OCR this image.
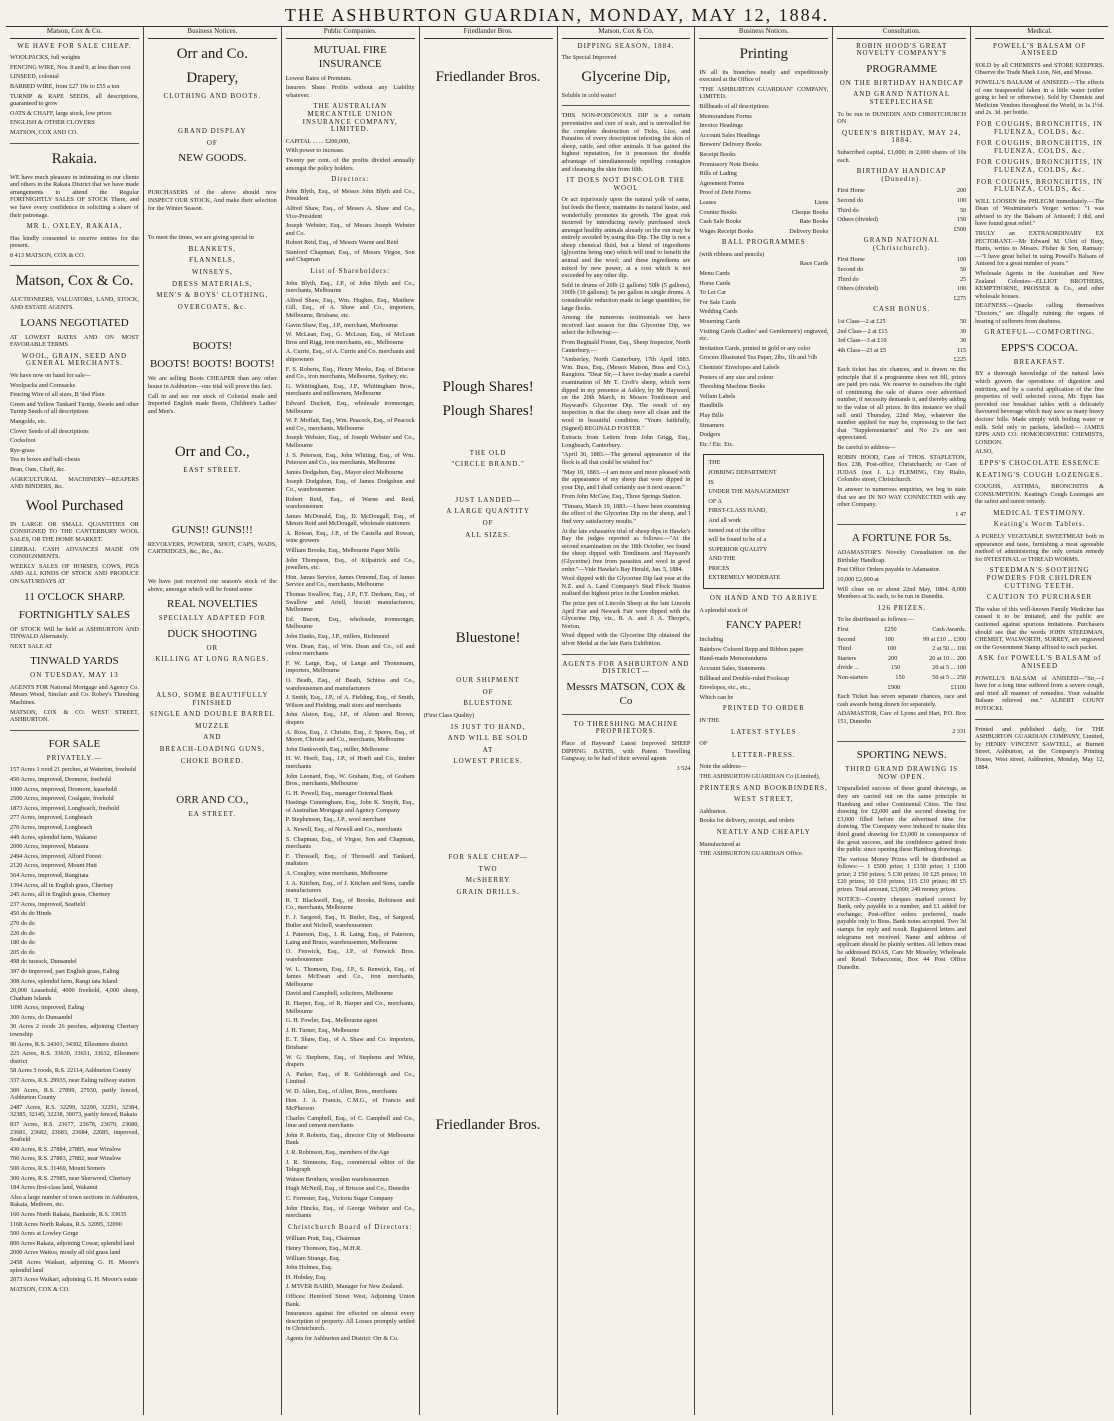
THE ASHBURTON GUARDIAN, MONDAY, MAY 12, 1884.
Matson, Cox & Co.
WE HAVE FOR SALE CHEAP.
WOOLPACKS, full weights
FENCING WIRE, Nos. 8 and 9, at less than cost
LINSEED, colonial
BARBED WIRE, from £27 10s to £55 a ton
TURNIP & RAPE SEEDS, all descriptions, guaranteed to grow
OATS & CHAFF, large stock, low prices
ENGLISH & OTHER CLOVERS
MATSON, COX AND CO.
Rakaia.
WE have much pleasure in intimating to our clients and others in the Rakaia District that we have made arrangements to attend the Regular FORTNIGHTLY SALES OF STOCK There, and we have every confidence in soliciting a share of their patronage.
MR L. OXLEY, RAKAIA,
Has kindly consented to receive entries for the present.
8 413 MATSON, COX & CO.
Matson, Cox & Co.
AUCTIONEERS, VALUATORS, LAND, STOCK, AND ESTATE AGENTS.
LOANS NEGOTIATED
AT LOWEST RATES AND ON MOST FAVORABLE TERMS
WOOL, GRAIN, SEED AND GENERAL MERCHANTS.
We have now on hand for sale—
Woolpacks and Cornsacks
Fencing Wire of all sizes, B 'ded Plain
Green and Yellow Tankard Turnip, Swede and other Turnip Seeds of all descriptions
Mangolds, etc.
Clover Seeds of all descriptions
Cocksfoot
Rye-grass
Tea in boxes and half-chests
Bran, Oats, Chaff, &c.
AGRICULTURAL MACHINERY—REAPERS AND BINDERS, &c.
Wool Purchased
IN LARGE OR SMALL QUANTITIES OR CONSIGNED TO THE CANTERBURY WOOL SALES, OR THE HOME MARKET.
LIBERAL CASH ADVANCES MADE ON CONSIGNMENTS.
WEEKLY SALES OF HORSES, COWS, PIGS AND ALL KINDS OF STOCK AND PRODUCE ON SATURDAYS AT
11 O'CLOCK SHARP.
FORTNIGHTLY SALES
OF STOCK Will be held at ASHBURTON AND TINWALD Alternately.
NEXT SALE AT
TINWALD YARDS
ON TUESDAY, MAY 13
AGENTS FOR National Mortgage and Agency Co. Messrs Wood, Sinclair and Co. Robey's Threshing Machines.
MATSON, COX & CO. WEST STREET, ASHBURTON.
FOR SALE
PRIVATELY.—
157 Acres 1 rood 21 perches, at Waterton, freehold
450 Acres, improved, Dromore, freehold
1000 Acres, improved, Dromore, leasehold
2500 Acres, improved, Coalgate, freehold
1873 Acres, improved, Longbeach, freehold
277 Acres, improved, Longbeach
270 Acres, improved, Longbeach
449 Acres, splendid farm, Wakanui
2000 Acres, improved, Mataura
2494 Acres, improved, Alford Forest
2120 Acres, improved, Mount Hutt
564 Acres, improved, Rangitata
1394 Acres, all in English grass, Chertsey
245 Acres, all in English grass, Chertsey
237 Acres, improved, Seafield
450 do do Hinds
270 do do
220 do do
180 do do
205 do do
498 do tussock, Dunsandel
397 do improved, part English grass, Ealing
308 Acres, splendid farm, Rangi tata Island
20,000 Leasehold, 4000 freehold, 4,000 sheep, Chatham Islands
1090 Acres, improved, Ealing
300 Acres, do Dunsandel
30 Acres 2 roods 26 perches, adjoining Chertsey township
90 Acres, R.S. 24301, 34302, Ellesmere district
225 Acres, R.S. 33630, 33631, 33632, Ellesmere district
58 Acres 3 roods, R.S. 22114, Ashburton County
337 Acres, R.S. 29935, near Ealing railway station
300 Acres, R.S. 27899, 27930, partly fenced, Ashburton County
2487 Acres, R.S. 32299, 32290, 32291, 32384, 32385, 32145, 32238, 30073, partly fenced, Rakaia
837 Acres, R.S. 23677, 23678, 23679, 23680, 23681, 23682, 23683, 23684, 22685, improved, Seafield
430 Acres, R.S. 27884, 27885, near Winslow
700 Acres, R.S. 27883, 27882, near Winslow
500 Acres, R.S. 31469, Mount Somers
300 Acres, R.S. 27985, near Sherwood, Chertsey
184 Acres first-class land, Wakanui
Also a large number of town sections in Ashburton, Rakaia, Methven, etc.
160 Acres North Rakaia, Bankside, R.S. 33035
1168 Acres North Rakaia, R.S. 32095, 32090
500 Acres at Lowley Gorge
800 Acres Rakaia, adjoining Cowar, splendid land
2000 Acres Waitoa, mostly all old grass land
2458 Acres Waikari, adjoining G. H. Moore's splendid land
2073 Acres Waikari, adjoining G. H. Moore's estate
MATSON, COX & CO.
Business Notices.
Orr and Co.
Drapery,
CLOTHING AND BOOTS.
GRAND DISPLAY
OF
NEW GOODS.
PURCHASERS of the above should now INSPECT OUR STOCK, And make their selection for the Winter Season.
To meet the times, we are giving special in
BLANKETS,
FLANNELS,
WINSEYS,
DRESS MATERIALS,
MEN'S & BOYS' CLOTHING,
OVERCOATS, &c.
BOOTS!
BOOTS! BOOTS! BOOTS!
We are selling Boots CHEAPER than any other house in Ashburton—one trial will prove this fact.
Call in and see our stock of Colonial made and Imported English made Boots, Children's Ladies' and Men's.
Orr and Co.,
EAST STREET.
GUNS!! GUNS!!!
REVOLVERS, POWDER, SHOT, CAPS, WADS, CARTRIDGES, &c., &c., &c.
We have just received our season's stock of the above, amongst which will be found some
REAL NOVELTIES
SPECIALLY ADAPTED FOR
DUCK SHOOTING
OR
KILLING AT LONG RANGES.
ALSO, SOME BEAUTIFULLY FINISHED
SINGLE AND DOUBLE BARREL
MUZZLE
AND
BREACH-LOADING GUNS,
CHOKE BORED.
ORR AND CO.,
EA STREET.
Public Companies.
MUTUAL FIRE INSURANCE
Lowest Rates of Premium.
Insurers Share Profits without any Liability whatever.
THE AUSTRALIAN MERCANTILE UNION INSURANCE COMPANY, LIMITED.
CAPITAL ... ... £200,000,
With power to increase.
Twenty per cent. of the profits divided annually amongst the policy holders.
Directors:
John Blyth, Esq., of Messrs John Blyth and Co., President
Alfred Shaw, Esq., of Messrs A. Shaw and Co., Vice-President
Joseph Webster, Esq., of Messrs Joseph Webster and Co.
Robert Reid, Esq., of Messrs Warne and Reid
Stanford Chapman, Esq., of Messrs Virgoe, Son and Chapman
List of Shareholders:
John Blyth, Esq., J.P., of John Blyth and Co., merchants, Melbourne
Alfred Shaw, Esq., Wm. Hughes, Esq., Matthew Gill, Esq., of A. Shaw and Co., importers, Melbourne, Brisbane, etc.
Gavin Shaw, Esq., J.P., merchant, Merbourne
W. McLean, Esq., G. McLean, Esq., of McLean Bros and Rigg, iron merchants, etc., Melbourne
A. Currie, Esq., of A. Currie and Co. merchants and shipowners
F. S. Roberts, Esq., Henry Meeks, Esq. of Briscoe and Co., iron merchants, Melbourne, Sydney, etc.
G. Whittingham, Esq., J.P., Whittingham Bros., merchants and millowners, Melbourne
Edward Duckett, Esq., wholesale ironmonger, Melbourne
W. F. Moffatt, Esq., Wm. Peacock, Esq., of Peacock and Co., merchants, Melbourne
Joseph Webster, Esq., of Joseph Webster and Co., Melbourne
J. S. Peterson, Esq., John Whiting, Esq., of Wm. Peterson and Co., tea merchants, Melbourne
James Dodgshun, Esq., Mayor elect Melbourne
Joseph Dodgshun, Esq., of James Dodgshun and Co., warehousemen
Robert Reid, Esq., of Warne and Reid, warehousemen
James McDonald, Esq., D. McDougall, Esq., of Messrs Reid and McDougall, wholesale stationers
A. Rowan, Esq., J.P., of De Castella and Rowan, wine growers
William Brooks, Esq., Melbourne Paper Mills
John Thompson, Esq., of Kilpatrick and Co., jewellers, etc.
Hon. James Service, James Ormond, Esq. of James Service and Co., merchants, Melbourne
Thomas Swallow, Esq., J.P., F.T. Derham, Esq., of Swallow and Ariell, biscuit manufacturers, Melbourne
Ed. Bacon, Esq., wholesale, ironmonger, Melbourne
John Danks, Esq., J.P., millers, Richmond
Wm. Dean, Esq., of Wm. Dean and Co., oil and colour merchants
F. W. Large, Esq., of Lange and Thonemann, importers, Melbourne
O. Beath, Esq., of Beath, Schiess and Co., warehousemen and manufacturers
J. Smith, Esq., J.P., of A. Fielding, Esq., of Smith, Wilson and Fielding, malt store and merchants
John Alston, Esq., J.P., of Alston and Brown, drapers
A. Ross, Esq., J. Christie, Esq., J. Speers, Esq., of Moore, Christie and Co., merchants, Melbourne
John Dankworth, Esq., miller, Melbourne
H. W. Hoeft, Esq., J.P., of Hoeft and Co., timber merchants
John Leonard, Esq., W. Graham, Esq., of Graham Bros., merchants, Melbourne
G. H. Powell, Esq., manager Oriental Bank
Hastings Cunningham, Esq., John K. Smyth, Esq., of Australian Mortgage and Agency Company
P. Stephenson, Esq., J.P., wool merchant
A. Newell, Esq., of Newell and Co., merchants
S. Chapman, Esq., of Virgoe, Son and Chapman, merchants
F. Throssell, Esq., of Throssell and Tankard, maltsters
A. Coughey, wine merchants, Melbourne
J. A. Kitchen, Esq., of J. Kitchen and Sons, candle manufacturers
R. T. Blackwell, Esq., of Brooks, Robinson and Co., merchants, Melbourne
F. J. Sargood, Esq., H. Butler, Esq., of Sargood, Butler and Nicholl, warehousemen
J. Paterson, Esq., J. R. Laing, Esq., of Paterson, Laing and Bruce, warehousemen, Melbourne
O. Fenwick, Esq., J.P., of Fenwick Bros. warehousemen
W. L. Thomson, Esq., J.P., S. Renwick, Esq., of James McEwan and Co., iron merchants, Melbourne
David and Campbell, solicitors, Melbourne
R. Harper, Esq., of R. Harper and Co., merchants, Melbourne
G. H. Fowler, Esq., Melbourne agent
J. H. Turner, Esq., Melbourne
E. T. Shaw, Esq., of A. Shaw and Co. importers, Brisbane
W. G. Stephens, Esq., of Stephens and White, drapers
A. Parker, Esq., of R. Goldsbrough and Co., Limited
W. D. Allen, Esq., of Allen, Bros., merchants
Hon. J. A. Francis, C.M.G., of Francis and McPherson
Charles Campbell, Esq., of C. Campbell and Co., lime and cement merchants
John P. Roberts, Esq., director City of Melbourne Bank
J. R. Robinson, Esq., members of the Age
J. R. Simmons, Esq., commercial editor of the Telegraph
Watson Brothers, woollen warehousemen
Hugh McNeill, Esq., of Briscoe and Co., Dunedin
C. Forrester, Esq., Victoria Sugar Company
John Hincks, Esq., of George Webster and Co., merchants
Christchurch Board of Directors:
William Pratt, Esq., Chairman
Henry Thomson, Esq., M.H.R.
William Strange, Esq.
John Holmes, Esq.
H. Hobday, Esq.
J. M'IVER BAIRD, Manager for New Zealand.
Offices: Hereford Street West, Adjoining Union Bank.
Insurances against fire effected on almost every description of property. All Losses promptly settled in Christchurch.
Agents for Ashburton and District: Orr & Co.
Friedlander Bros.
Friedlander Bros.
Plough Shares!
Plough Shares!
THE OLD
"CIRCLE BRAND."
JUST LANDED—
A LARGE QUANTITY
OF
ALL SIZES.
Bluestone!
OUR SHIPMENT
OF
BLUESTONE
(First Class Quality)
IS JUST TO HAND,
AND WILL BE SOLD
AT
LOWEST PRICES.
FOR SALE CHEAP—
TWO
McSHERRY
GRAIN DRILLS.
Friedlander Bros.
Matson, Cox & Co.
DIPPING SEASON, 1884.
The Special Improved
Glycerine Dip,
Soluble in cold water!
THIS NON-POISONOUS DIP is a certain preventative and cure of scab, and is unrivalled for the complete destruction of Ticks, Lice, and Parasites of every description infesting the skin of sheep, cattle, and other animals. It has gained the highest reputation, for it possesses the double advantage of simultaneously repelling contagion and cleansing the skin from filth.
IT DOES NOT DISCOLOR THE WOOL
Or act injuriously upon the natural yolk of same, but feeds the fleece, maintains its natural lustre, and wonderfully promotes its growth. The great risk incurred by introducing newly purchased stock amongst healthy animals already on the run may be entirely avoided by using this Dip. The Dip is not a sheep chemical fluid, but a blend of ingredients (glycerine being one) which will tend to benefit the animal and the wool; and these ingredients are mixed by new power, at a cost which is not exceeded by any other dip.
Sold in drums of 20lb (2 gallons) 50lb (5 gallons), 100lb (10 gallons); 5s per gallon in single drums. A considerable reduction made in large quantities, for large flocks.
Among the numerous testimonials we have received last season for this Glycerine Dip, we select the following:—
From Reginald Foster, Esq., Sheep Inspector, North Canterbury,—
"Amberley, North Canterbury, 17th April 1883. Wm. Buss, Esq., (Messrs Matson, Buss and Co.), Rangiora. "Dear Sir,—I have to-day made a careful examination of Mr T. Croft's sheep, which were dipped in my presence at Ashley, by Mr Hayward, on the 20th March, in Messrs Tomlinson and Hayward's Glycerine Dip. The result of my inspection is that the sheep were all clean and the wool in beautiful condition. "Yours faithfully, (Signed) REGINALD FOSTER."
Extracts from Letters from John Grigg, Esq., Longbeach, Canterbury.
"April 30, 1883.—The general appearance of the flock is all that could be wished for."
"May 10, 1883.—I am more and more pleased with the appearance of my sheep that were dipped in your Dip, and I shall certainly use it next season."
From John McCaw, Esq., Three Springs Station.
"Timaru, March 19, 1883.—I have been examining the effect of the Glycerine Dip on the sheep, and I find very satisfactory results."
At the late exhaustive trial of sheep dips in Hawke's Bay the judges reported as follows:—"At the second examination on the 18th October, we found the sheep dipped with Tomlinson and Hayward's (Glycerine) free from parasites and wool in good order."—Vide Hawke's Bay Herald, Jan. 5, 1884.
Wool dipped with the Glycerine Dip last year at the N.Z. and A. Land Company's Stud Flock Station realised the highest price in the London market.
The prize pen of Lincoln Sheep at the late Lincoln April Fair and Newark Fair were dipped with the Glycerine Dip, viz., R. A. and J. A. Thorpe's, Norton.
Wool dipped with the Glycerine Dip obtained the silver Medal at the late Paris Exhibition.
AGENTS FOR ASHBURTON AND DISTRICT—
Messrs MATSON, COX & Co
TO THRESHING MACHINE PROPRIETORS.
Place of Hayward' Latest Improved SHEEP DIPPING BATHS, with Patent Travelling Gangway, to be had of their several agents
3 524
Business Notices.
Printing
IN all its branches neatly and expeditiously executed at the Office of
"THE ASHBURTON GUARDIAN" COMPANY, LIMITED.
Billheads of all descriptions
Memorandum Forms
Invoice Headings
Account Sales Headings
Brewers' Delivery Books
Receipt Books
Promissory Note Books
Bills of Lading
Agreement Forms
Proof of Debt Forms
Leases	Liens
Counter Books	Cheque Books
Cash Sale Books	Rate Books
Wages Receipt Books	Delivery Books
BALL PROGRAMMES
(with ribbons and pencils)
Race Cards
Menu Cards
Horse Cards
To Let Car
For Sale Cards
Wedding Cards
Mourning Cards
Visiting Cards (Ladies' and Gentlemen's) engraved, etc.
Invitation Cards, printed in gold or any color
Grocers Illustrated Tea Paper, 2lbs, 1lb and ½lb
Chemists' Envelopes and Labels
Posters of any size and colour
Threshing Machine Books
Vellum Labels
Handbills
Play Bills
Streamers
Dodgers
Etc.! Etc. Etc.
THE
JOBBING DEPARTMENT
IS
UNDER THE MANAGEMENT
OF A
FIRST-CLASS HAND,
And all work
turned out of the office
will be found to be of a
SUPERIOR QUALITY
AND THE
PRICES
EXTREMELY MODERATE
ON HAND AND TO ARRIVE
A splendid stock of
FANCY PAPER!
Including
Rainbow Colored Repp and Ribbon paper
Hand-made Memorandums
Account Sales, Statements
Billhead and Double-ruled Foolscap
Envelopes, etc., etc.,
Which can be
PRINTED TO ORDER
IN THE
LATEST STYLES
OF
LETTER-PRESS.
Note the address—
THE ASHBURTON GUARDIAN Co (Limited),
PRINTERS AND BOOKBINDERS,
WEST STREET,
Ashburton.
Books for delivery, receipt, and orders
NEATLY AND CHEAPLY
Manufactured at
THE ASHBURTON GUARDIAN Office.
Consultation.
ROBIN HOOD'S GREAT NOVELTY COMPANY'S
PROGRAMME
ON THE BIRTHDAY HANDICAP
AND GRAND NATIONAL STEEPLECHASE
To be run in DUNEDIN AND CHRISTCHURCH ON
QUEEN'S BIRTHDAY, MAY 24, 1884.
Subscribed capital, £1,000; in 2,000 shares of 10s each.
BIRTHDAY HANDICAP (Dunedin).
First Horse	200
Second do	100
Third do	50
Others (divided)	150
£500
GRAND NATIONAL (Christchurch).
First Horse	100
Second do	50
Third do	25
Others (divided)	100
£275
CASH BONUS.
1st Class—2 at £25	50
2nd Class—2 at £15	30
3rd Class—3 at £10	30
4th Class—23 at £5	115
£225
Each ticket has six chances, and is drawn on the principle that if a programme does not fill, prizes are paid pro rata. We reserve to ourselves the right of continuing the sale of shares over advertised number, if necessity demands it, and thereby adding to the value of all prizes. In this instance we shall sell until Thursday, 22nd May, whatever the number applied for may be, expressing to the fact that "Supplementaries" and No 2's are not appreciated.
Be careful to address—
ROBIN HOOD, Care of THOS. STAPLETON, Box 238, Post-office, Christchurch; or Care of JUDAS (not J. L.) FLEMING, City Rialto, Colombo street, Christchurch.
In answer to numerous enquiries, we beg to state that we are IN NO WAY CONNECTED with any other Company.
1 47
A FORTUNE FOR 5s.
ADAMASTOR'S Novelty Consultation on the Birthday Handicap.
Post Office Orders payable to Adamastor.
10,000 £2,000 at
Will close on or about 22nd May, 1884. 8,000 Members at 5s. each, to be run in Dunedin.
126 PRIZES.
To be distributed as follows:—
First	£250	Cash Awards.
Second	100	99 at £10 ... £300
Third	100	2 at 50 ... 100
Starters	200	20 at 10 ... 200
divide ...	150	20 at 5 ... 100
Non-starters	150	50 at 5 ... 250
£900	£1100
Each Ticket has seven separate chances, race and cash awards being drawn for separately.
ADAMASTOR, Care of Lyons and Hart, P.O. Box 151, Dunedin
2 331
SPORTING NEWS.
THIRD GRAND DRAWING IS NOW OPEN.
Unparalleled success of these grand drawings, as they are carried out on the same principle in Hamburg and other Continental Cities. The first drawing for £2,000 and the second drawing for £3,000 filled before the advertised time for drawing. The Company were induced to make this third grand drawing for £3,000 in consequence of the great success, and the confidence gained from the public since opening these Hamburg drawings.
The various Money Prizes will be distributed as follows:— 1 £500 prize; 1 £150 prize; 1 £100 prize; 2 £50 prizes; 5 £30 prizes; 10 £25 prizes; 10 £20 prizes; 10 £10 prizes; 115 £10 prizes; 80 £5 prizes. Total amount, £3,000; 249 money prizes.
NOTICE—Country cheques marked correct by Bank, only payable to a number, and £1 added for exchange. Post-office orders preferred, made payable only to Boss. Bank notes accepted. Two 3d stamps for reply and result. Registered letters and telegrams not received. Name and address of applicant should be plainly written. All letters must be addressed BOAS, Care Mr Moseley, Wholesale and Retail Tobacconist, Box 44 Post Office Dunedin.
Medical.
POWELL'S BALSAM OF ANISEED
SOLD by all CHEMISTS and STORE KEEPERS. Observe the Trade Mark Lion, Net, and Mouse.
POWELL'S BALSAM of ANISEED.—The effects of one teaspoonful taken in a little water (either going to bed or otherwise). Sold by Chemists and Medicine Vendors throughout the World, in 1s.1½d. and 2s. 3d. per bottle.
FOR COUGHS, BRONCHITIS, IN FLUENZA, COLDS, &c.
FOR COUGHS, BRONCHITIS, IN FLUENZA, COLDS, &c.
FOR COUGHS, BRONCHITIS, IN FLUENZA, COLDS, &c.
FOR COUGHS, BRONCHITIS, IN FLUENZA, COLDS, &c.
WILL LOOSEN the PHLEGM immediately.—The Dean of Westminster's Verger writes: "I was advised to try the Balsam of Aniseed; I did, and have found great relief."
TRULY an EXTRAORDINARY EX PECTORANT.—Mr Edward M. Ulett of Bury, Hunts, writes to Messrs. Fisher & Son, Ramsay:—"I have great belief in using Powell's Balsam of Aniseed for a great number of years."
Wholesale Agents in the Australian and New Zealand Colonies—ELLIOT BROTHERS, KEMPTHORNE, PROSSER & Co., and other wholesale houses.
DEAFNESS.—Quacks calling themselves "Doctors," are illegally ruining the organs of hearing of sufferers from deafness.
GRATEFUL—COMFORTING.
EPPS'S COCOA.
BREAKFAST.
BY a thorough knowledge of the natural laws which govern the operations of digestion and nutrition, and by a careful application of the fine properties of well selected cocoa, Mr. Epps has provided our breakfast tables with a delicately flavoured beverage which may save us many heavy doctors' bills. Made simply with boiling water or milk. Sold only in packets, labelled:— JAMES EPPS AND CO. HOMOEOPATHIC CHEMISTS, LONDON.
ALSO,
EPPS'S CHOCOLATE ESSENCE
KEATING'S COUGH LOZENGES.
COUGHS, ASTHMA, BRONCHITIS & CONSUMPTION. Keating's Cough Lozenges are the safest and surest remedy.
MEDICAL TESTIMONY.
Keating's Worm Tablets.
A PURELY VEGETABLE SWEETMEAT both in appearance and taste, furnishing a most agreeable method of administering the only certain remedy for INTESTINAL or THREAD WORMS.
STEEDMAN'S SOOTHING POWDERS FOR CHILDREN CUTTING TEETH.
CAUTION TO PURCHASER
The value of this well-known Family Medicine has caused it to be imitated, and the public are cautioned against spurious imitations. Purchasers should see that the words JOHN STEEDMAN, CHEMIST, WALWORTH, SURREY, are engraved on the Government Stamp affixed to each packet.
ASK for POWELL'S BALSAM of ANISEED
POWELL'S BALSAM of ANISEED—"Sir,—I have for a long time suffered from a severe cough, and tried all manner of remedies. Your valuable Balsam relieved me." ALBERT COUNT POTOCKI.
Printed and published daily, for THE ASHBURTON GUARDIAN COMPANY, Limited, by HENRY VINCENT SAWTELL, at Burnett Street, Ashburton, at the Company's Printing House, West street, Ashburton, Monday, May 12, 1884.
